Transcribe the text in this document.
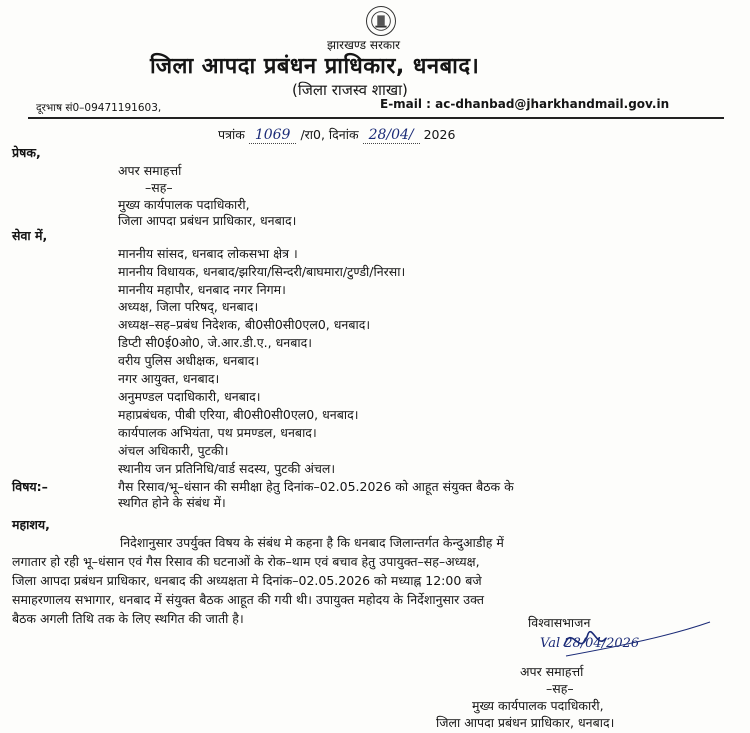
झारखण्ड सरकार
जिला आपदा प्रबंधन प्राधिकार, धनबाद।
(जिला राजस्व शाखा)
दूरभाष सं0–09471191603,	E-mail : ac-dhanbad@jharkhandmail.gov.in
पत्रांक 1069 /रा0, दिनांक 28/04/ 2026
प्रेषक,
अपर समाहर्त्ता
–सह–
मुख्य कार्यपालक पदाधिकारी,
जिला आपदा प्रबंधन प्राधिकार, धनबाद।
सेवा में,
माननीय सांसद, धनबाद लोकसभा क्षेत्र ।
माननीय विधायक, धनबाद/झरिया/सिन्दरी/बाघमारा/टुण्डी/निरसा।
माननीय महापौर, धनबाद नगर निगम।
अध्यक्ष, जिला परिषद्, धनबाद।
अध्यक्ष–सह–प्रबंध निदेशक, बी0सी0सी0एल0, धनबाद।
डिप्टी सी0ई0ओ0, जे.आर.डी.ए., धनबाद।
वरीय पुलिस अधीक्षक, धनबाद।
नगर आयुक्त, धनबाद।
अनुमण्डल पदाधिकारी, धनबाद।
महाप्रबंधक, पीबी एरिया, बी0सी0सी0एल0, धनबाद।
कार्यपालक अभियंता, पथ प्रमण्डल, धनबाद।
अंचल अधिकारी, पुटकी।
स्थानीय जन प्रतिनिधि/वार्ड सदस्य, पुटकी अंचल।
विषय:–	गैस रिसाव/भू–धंसान की समीक्षा हेतु दिनांक–02.05.2026 को आहूत संयुक्त बैठक के
स्थगित होने के संबंध में।
महाशय,
निदेशानुसार उपर्युक्त विषय के संबंध मे कहना है कि धनबाद जिलान्तर्गत केन्दुआडीह में
लगातार हो रही भू–धंसान एवं गैस रिसाव की घटनाओं के रोक–थाम एवं बचाव हेतु उपायुक्त–सह–अध्यक्ष,
जिला आपदा प्रबंधन प्राधिकार, धनबाद की अध्यक्षता मे दिनांक–02.05.2026 को मध्याह्न 12:00 बजे
समाहरणालय सभागार, धनबाद में संयुक्त बैठक आहूत की गयी थी। उपायुक्त महोदय के निर्देशानुसार उक्त
बैठक अगली तिथि तक के लिए स्थगित की जाती है।	विश्वासभाजन
Val 28/04/2026
अपर समाहर्त्ता
–सह–
मुख्य कार्यपालक पदाधिकारी,
जिला आपदा प्रबंधन प्राधिकार, धनबाद।
